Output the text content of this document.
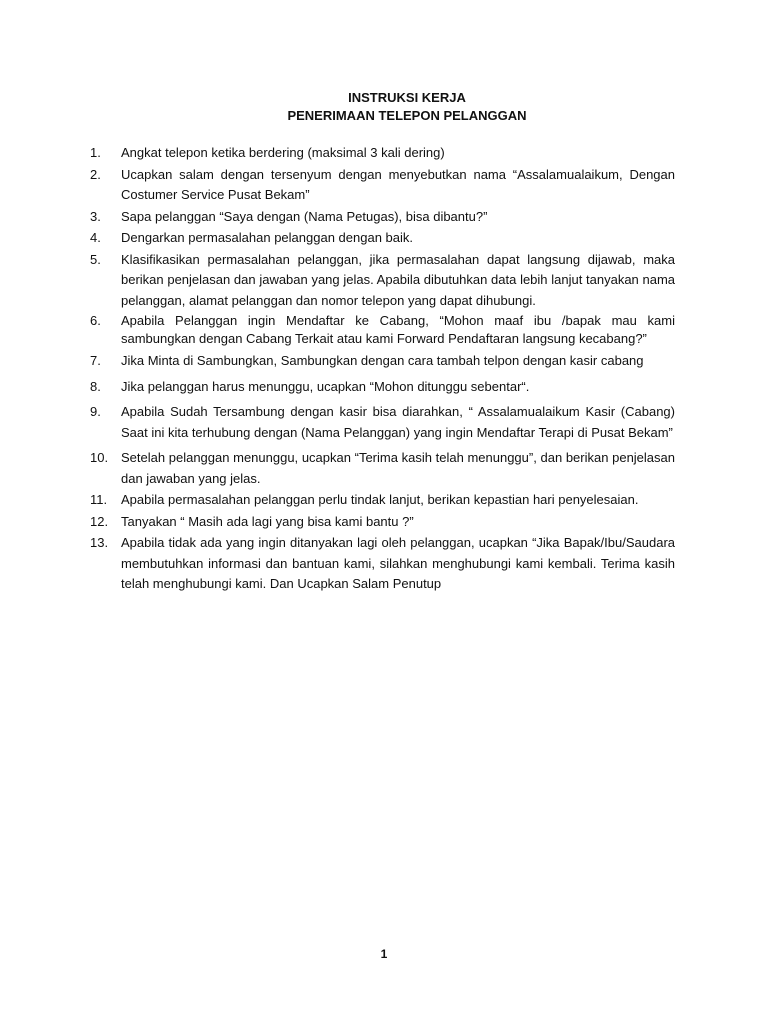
INSTRUKSI KERJA
PENERIMAAN TELEPON PELANGGAN
1.	Angkat telepon ketika berdering (maksimal 3 kali dering)
2.	Ucapkan salam dengan tersenyum dengan menyebutkan nama “Assalamualaikum, Dengan Costumer Service Pusat Bekam”
3.	Sapa pelanggan “Saya dengan (Nama Petugas), bisa dibantu?”
4.	Dengarkan permasalahan pelanggan dengan baik.
5.	Klasifikasikan permasalahan pelanggan, jika permasalahan dapat langsung dijawab, maka berikan penjelasan dan jawaban yang jelas. Apabila dibutuhkan data lebih lanjut tanyakan nama pelanggan, alamat pelanggan dan nomor telepon yang dapat dihubungi.
6.	Apabila Pelanggan ingin Mendaftar ke Cabang, “Mohon maaf ibu /bapak mau kami sambungkan dengan Cabang Terkait atau kami Forward Pendaftaran langsung kecabang?”
7.	Jika Minta di Sambungkan, Sambungkan dengan cara tambah telpon dengan kasir cabang
8.	Jika pelanggan harus menunggu, ucapkan “Mohon ditunggu sebentar“.
9.	Apabila Sudah Tersambung dengan kasir bisa diarahkan, “ Assalamualaikum Kasir (Cabang) Saat ini kita terhubung dengan (Nama Pelanggan) yang ingin Mendaftar Terapi di Pusat Bekam”
10. Setelah pelanggan menunggu, ucapkan “Terima kasih telah menunggu”, dan berikan penjelasan dan jawaban yang jelas.
11.	Apabila permasalahan pelanggan perlu tindak lanjut, berikan kepastian hari penyelesaian.
12. Tanyakan “ Masih ada lagi yang bisa kami bantu ?”
13. Apabila tidak ada yang ingin ditanyakan lagi oleh pelanggan, ucapkan “Jika Bapak/Ibu/Saudara membutuhkan informasi dan bantuan kami, silahkan menghubungi kami kembali. Terima kasih telah menghubungi kami. Dan Ucapkan Salam Penutup
1
